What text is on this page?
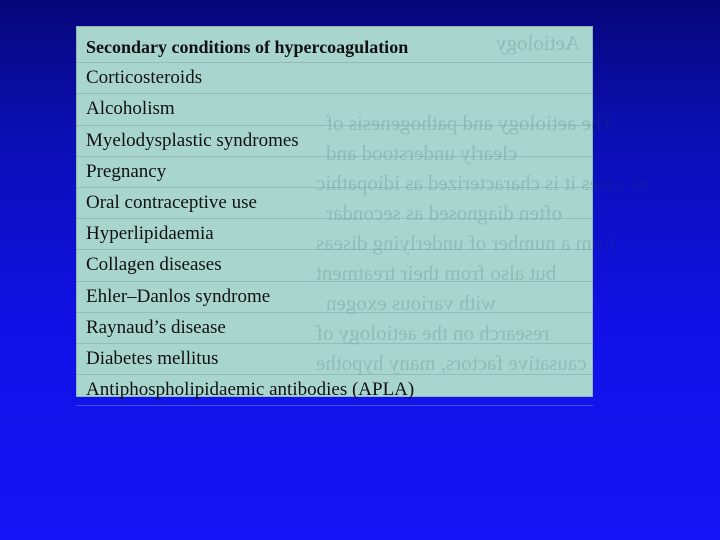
Aetiology
The aetiology and pathogenesis of
clearly understood and
of cases it is characterized as idiopathic
often diagnosed as secondar
from a number of underlying diseas
but also from their treatment
with various exogen
research on the aetiology of
causative factors, many hypothe
Secondary conditions of hypercoagulation
Corticosteroids
Alcoholism
Myelodysplastic syndromes
Pregnancy
Oral contraceptive use
Hyperlipidaemia
Collagen diseases
Ehler–Danlos syndrome
Raynaud’s disease
Diabetes mellitus
Antiphospholipidaemic antibodies (APLA)
